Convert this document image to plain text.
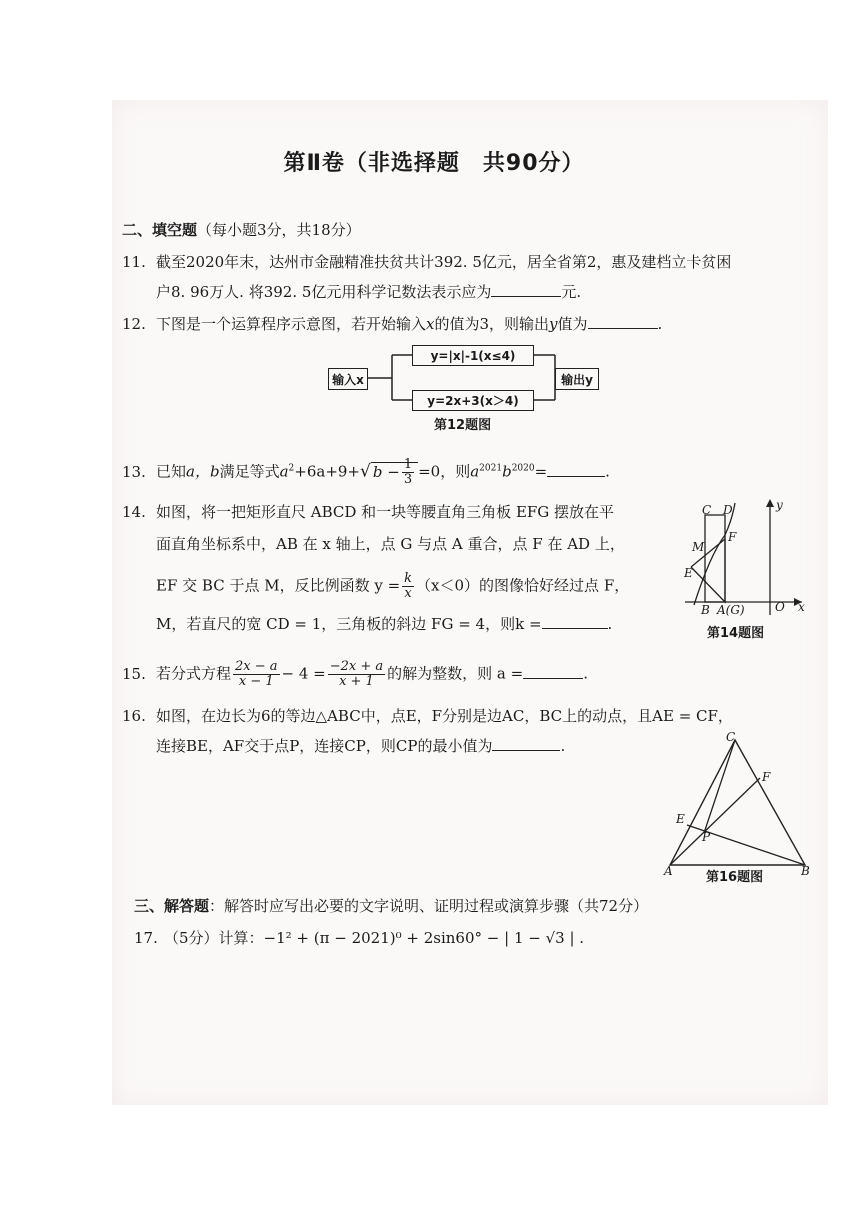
第Ⅱ卷（非选择题　共90分）
二、填空题（每小题3分，共18分）
11. 截至2020年末，达州市金融精准扶贫共计392. 5亿元，居全省第2，惠及建档立卡贫困
户8. 96万人. 将392. 5亿元用科学记数法表示应为	元.
12. 下图是一个运算程序示意图，若开始输入x的值为3，则输出y值为	.
输入x
y=|x|-1(x≤4)
y=2x+3(x＞4)
输出y
第12题图
13. 已知a，b满足等式$a^2+6a+9+√$ $b - \frac{1}{3} =0$，则$a^{2021}b^{2020}=$	.
14. 如图，将一把矩形直尺 ABCD 和一块等腰直角三角板 EFG 摆放在平
面直角坐标系中，AB 在 x 轴上，点 G 与点 A 重合，点 F 在 AD 上，
EF 交 BC 于点 M，反比例函数 $y = \frac{k}{x} (x<0)$的图像恰好经过点 F，
M，若直尺的宽 CD = 1，三角板的斜边 FG = 4，则k =	.
C D	y
M
F
E
B A(G)	O x
第14题图
15. 若分式方程 $\frac{2x - a}{x - 1} - 4 = \frac{-2x + a}{x + 1}$ 的解为整数，则 a =	.
16. 如图，在边长为6的等边△ABC中，点E，F分别是边AC，BC上的动点，且AE = CF，
连接BE，AF交于点P，连接CP，则CP的最小值为	.	C
F
E
P
A	B
第16题图
三、解答题：解答时应写出必要的文字说明、证明过程或演算步骤（共72分）
17. （5分）计算：−1² + (π − 2021)⁰ + 2sin60° − | 1 − √3 | .
